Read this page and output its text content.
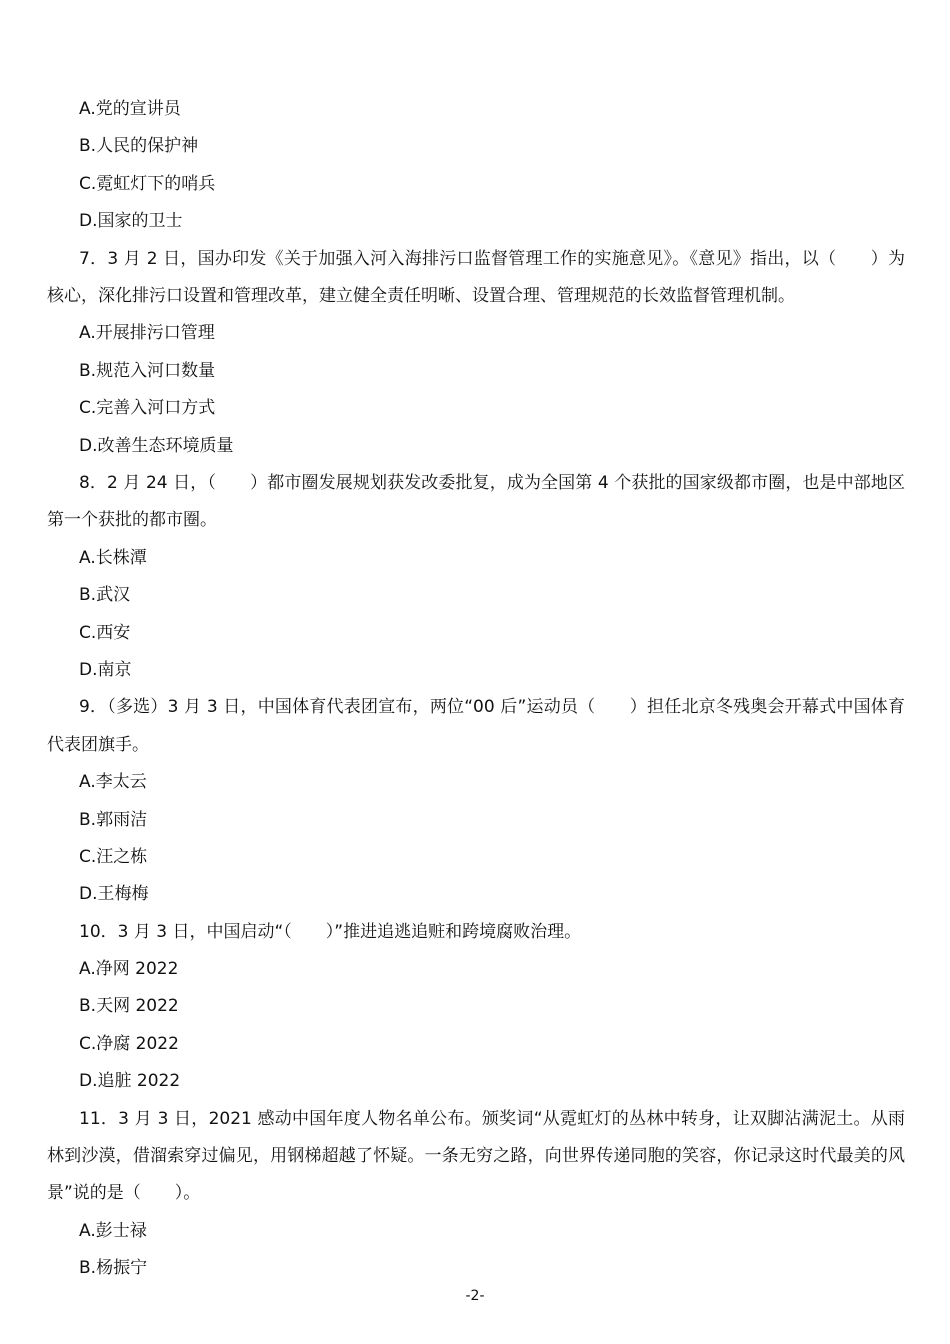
A.党的宣讲员

B.人民的保护神

C.霓虹灯下的哨兵

D.国家的卫士

7．3 月 2 日，国办印发《关于加强入河入海排污口监督管理工作的实施意见》。《意见》指出，以（　　）为核心，深化排污口设置和管理改革，建立健全责任明晰、设置合理、管理规范的长效监督管理机制。

A.开展排污口管理

B.规范入河口数量

C.完善入河口方式

D.改善生态环境质量

8．2 月 24 日，（　　）都市圈发展规划获发改委批复，成为全国第 4 个获批的国家级都市圈，也是中部地区第一个获批的都市圈。

A.长株潭

B.武汉

C.西安

D.南京

9．（多选）3 月 3 日，中国体育代表团宣布，两位“00 后”运动员（　　）担任北京冬残奥会开幕式中国体育代表团旗手。

A.李太云

B.郭雨洁

C.汪之栋

D.王梅梅

10．3 月 3 日，中国启动“（　　）”推进追逃追赃和跨境腐败治理。

A.净网 2022

B.天网 2022

C.净腐 2022

D.追脏 2022

11．3 月 3 日，2021 感动中国年度人物名单公布。颁奖词“从霓虹灯的丛林中转身，让双脚沾满泥土。从雨林到沙漠，借溜索穿过偏见，用钢梯超越了怀疑。一条无穷之路，向世界传递同胞的笑容，你记录这时代最美的风景”说的是（　　）。

A.彭士禄

B.杨振宁

-2-
